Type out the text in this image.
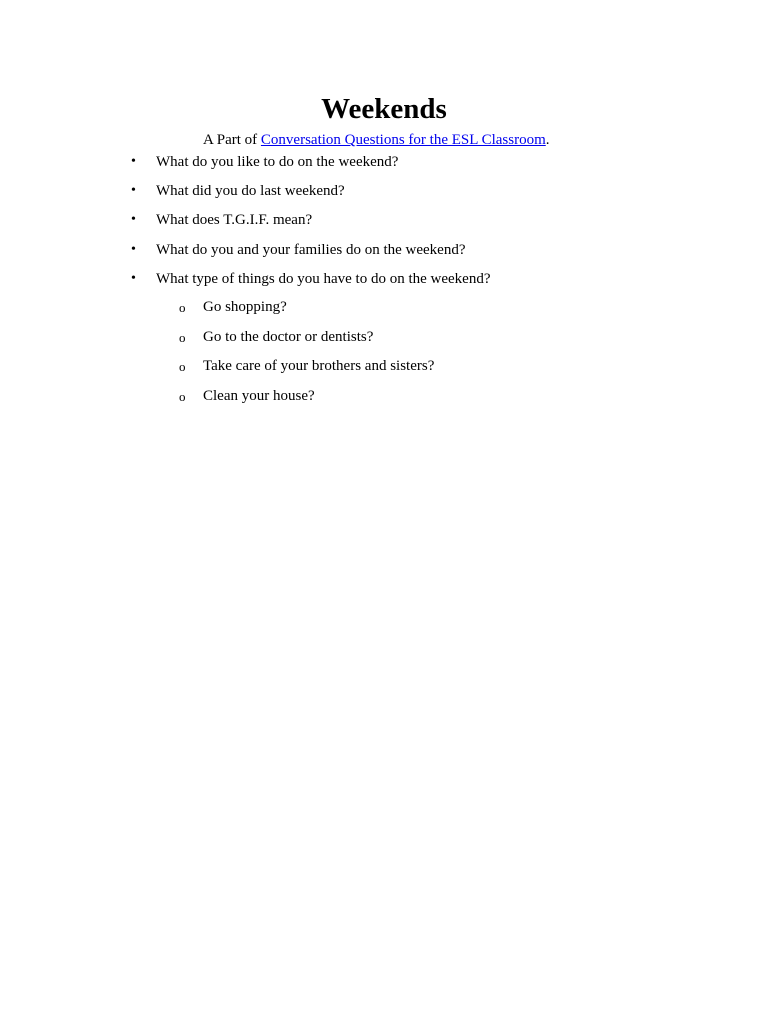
Weekends
A Part of Conversation Questions for the ESL Classroom.
• What do you like to do on the weekend?
• What did you do last weekend?
• What does T.G.I.F. mean?
• What do you and your families do on the weekend?
• What type of things do you have to do on the weekend?
o Go shopping?
o Go to the doctor or dentists?
o Take care of your brothers and sisters?
o Clean your house?
